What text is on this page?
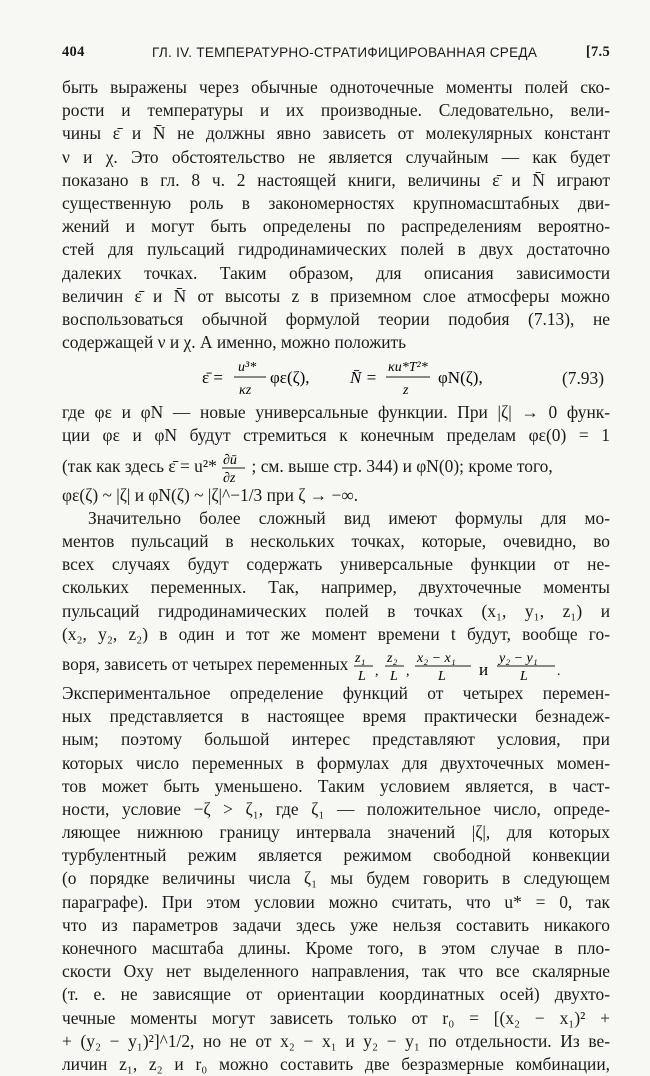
404	ГЛ. IV. ТЕМПЕРАТУРНО-СТРАТИФИЦИРОВАННАЯ СРЕДА	[7.5
быть выражены через обычные одноточечные моменты полей ско-
рости и температуры и их производные. Следовательно, вели-
чины ε̄ и N̄ не должны явно зависеть от молекулярных констант
ν и χ. Это обстоятельство не является случайным — как будет
показано в гл. 8 ч. 2 настоящей книги, величины ε̄ и N̄ играют
существенную роль в закономерностях крупномасштабных дви-
жений и могут быть определены по распределениям вероятно-
стей для пульсаций гидродинамических полей в двух достаточно
далеких точках. Таким образом, для описания зависимости
величин ε̄ и N̄ от высоты z в приземном слое атмосферы можно
воспользоваться обычной формулой теории подобия (7.13), не
содержащей ν и χ. А именно, можно положить
ε̄ =
u³*
κz
φε(ζ), N̄ =
κu*T²*
z
φN(ζ),	(7.93)
где φε и φN — новые универсальные функции. При |ζ| → 0 функ-
ции φε и φN будут стремиться к конечным пределам φε(0) = 1
(так как здесь ε̄ = u²* ∂ū
∂z
; см. выше стр. 344) и φN(0); кроме того,
φε(ζ) ~ |ζ| и φN(ζ) ~ |ζ|^−1/3 при ζ → −∞.
Значительно более сложный вид имеют формулы для мо-
ментов пульсаций в нескольких точках, которые, очевидно, во
всех случаях будут содержать универсальные функции от не-
скольких переменных. Так, например, двухточечные моменты
пульсаций гидродинамических полей в точках (x₁, y₁, z₁) и
(x₂, y₂, z₂) в один и тот же момент времени t будут, вообще го-
воря, зависеть от четырех переменных z₁
L ,
z₂
L ,
x₂ − x₁
L и
y₂ − y₁
L .
Экспериментальное определение функций от четырех перемен-
ных представляется в настоящее время практически безнадеж-
ным; поэтому большой интерес представляют условия, при
которых число переменных в формулах для двухточечных момен-
тов может быть уменьшено. Таким условием является, в част-
ности, условие −ζ > ζ₁, где ζ₁ — положительное число, опреде-
ляющее нижнюю границу интервала значений |ζ|, для которых
турбулентный режим является режимом свободной конвекции
(о порядке величины числа ζ₁ мы будем говорить в следующем
параграфе). При этом условии можно считать, что u* = 0, так
что из параметров задачи здесь уже нельзя составить никакого
конечного масштаба длины. Кроме того, в этом случае в пло-
скости Oxy нет выделенного направления, так что все скалярные
(т. е. не зависящие от ориентации координатных осей) двухто-
чечные моменты могут зависеть только от r₀ = [(x₂ − x₁)² +
+ (y₂ − y₁)²]^1/2, но не от x₂ − x₁ и y₂ − y₁ по отдельности. Из ве-
личин z₁, z₂ и r₀ можно составить две безразмерные комбинации,
